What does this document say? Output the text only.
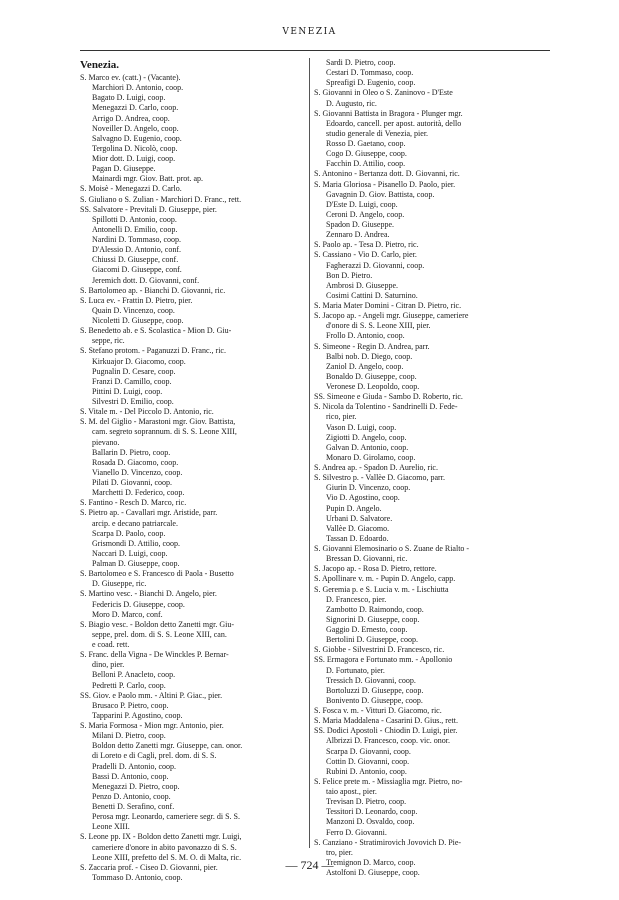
VENEZIA
Venezia.
S. Marco ev. (catt.) - (Vacante).
Marchiori D. Antonio, coop.
Bagato D. Luigi, coop.
Menegazzi D. Carlo, coop.
Arrigo D. Andrea, coop.
Noveiller D. Angelo, coop.
Salvagno D. Eugenio, coop.
Tergolina D. Nicolò, coop.
Mior dott. D. Luigi, coop.
Pagan D. Giuseppe.
Mainardi mgr. Giov. Batt. prot. ap.
S. Moisè - Menegazzi D. Carlo.
S. Giuliano o S. Zulian - Marchiori D. Franc., rett.
SS. Salvatore - Previtali D. Giuseppe, pier.
Spillotti D. Antonio, coop.
Antonelli D. Emilio, coop.
Nardini D. Tommaso, coop.
D'Alessio D. Antonio, conf.
Chiussi D. Giuseppe, conf.
Giacomi D. Giuseppe, conf.
Jeremich dott. D. Giovanni, conf.
S. Bartolomeo ap. - Bianchi D. Giovanni, ric.
S. Luca ev. - Frattin D. Pietro, pier.
Quain D. Vincenzo, coop.
Nicoletti D. Giuseppe, coop.
S. Benedetto ab. e S. Scolastica - Mion D. Giu-
seppe, ric.
S. Stefano protom. - Paganuzzi D. Franc., ric.
Kirkuajor D. Giacomo, coop.
Pugnalin D. Cesare, coop.
Franzi D. Camillo, coop.
Pittini D. Luigi, coop.
Silvestri D. Emilio, coop.
S. Vitale m. - Del Piccolo D. Antonio, ric.
S. M. del Giglio - Marastoni mgr. Giov. Battista,
cam. segreto soprannum. di S. S. Leone XIII,
pievano.
Ballarin D. Pietro, coop.
Rosada D. Giacomo, coop.
Vianello D. Vincenzo, coop.
Pilati D. Giovanni, coop.
Marchetti D. Federico, coop.
S. Fantino - Resch D. Marco, ric.
S. Pietro ap. - Cavallari mgr. Aristide, parr.
arcip. e decano patriarcale.
Scarpa D. Paolo, coop.
Grismondi D. Attilio, coop.
Naccari D. Luigi, coop.
Palman D. Giuseppe, coop.
S. Bartolomeo e S. Francesco di Paola - Busetto
D. Giuseppe, ric.
S. Martino vesc. - Bianchi D. Angelo, pier.
Federicis D. Giuseppe, coop.
Moro D. Marco, conf.
S. Biagio vesc. - Boldon detto Zanetti mgr. Giu-
seppe, prel. dom. di S. S. Leone XIII, can.
e coad. rett.
S. Franc. della Vigna - De Winckles P. Bernar-
dino, pier.
Belloni P. Anacleto, coop.
Pedretti P. Carlo, coop.
SS. Giov. e Paolo mm. - Altini P. Giac., pier.
Brusaco P. Pietro, coop.
Tapparini P. Agostino, coop.
S. Maria Formosa - Mion mgr. Antonio, pier.
Milani D. Pietro, coop.
Boldon detto Zanetti mgr. Giuseppe, can. onor.
di Loreto e di Cagli, prel. dom. di S. S.
Pradelli D. Antonio, coop.
Bassi D. Antonio, coop.
Menegazzi D. Pietro, coop.
Penzo D. Antonio, coop.
Benetti D. Serafino, conf.
Perosa mgr. Leonardo, cameriere segr. di S. S.
Leone XIII.
S. Leone pp. IX - Boldon detto Zanetti mgr. Luigi,
cameriere d'onore in abito pavonazzo di S. S.
Leone XIII, prefetto del S. M. O. di Malta, ric.
S. Zaccaria prof. - Ciseo D. Giovanni, pier.
Tommaso D. Antonio, coop.
Sardi D. Pietro, coop.
Cestari D. Tommaso, coop.
Spreafigi D. Eugenio, coop.
S. Giovanni in Oleo o S. Zaninovo - D'Este
D. Augusto, ric.
S. Giovanni Battista in Bragora - Plunger mgr.
Edoardo, cancell. per apost. autorità, dello
studio generale di Venezia, pier.
Rosso D. Gaetano, coop.
Cogo D. Giuseppe, coop.
Facchin D. Attilio, coop.
S. Antonino - Bertanza dott. D. Giovanni, ric.
S. Maria Gloriosa - Pisanello D. Paolo, pier.
Gavagnin D. Giov. Battista, coop.
D'Este D. Luigi, coop.
Ceroni D. Angelo, coop.
Spadon D. Giuseppe.
Zennaro D. Andrea.
S. Paolo ap. - Tesa D. Pietro, ric.
S. Cassiano - Vio D. Carlo, pier.
Fagherazzi D. Giovanni, coop.
Bon D. Pietro.
Ambrosi D. Giuseppe.
Cosimi Cattini D. Saturnino.
S. Maria Mater Domini - Citran D. Pietro, ric.
S. Jacopo ap. - Angeli mgr. Giuseppe, cameriere
d'onore di S. S. Leone XIII, pier.
Frollo D. Antonio, coop.
S. Simeone - Regin D. Andrea, parr.
Balbi nob. D. Diego, coop.
Zaniol D. Angelo, coop.
Bonaldo D. Giuseppe, coop.
Veronese D. Leopoldo, coop.
SS. Simeone e Giuda - Sambo D. Roberto, ric.
S. Nicola da Tolentino - Sandrinelli D. Fede-
rico, pier.
Vason D. Luigi, coop.
Zigiotti D. Angelo, coop.
Galvan D. Antonio, coop.
Monaro D. Girolamo, coop.
S. Andrea ap. - Spadon D. Aurelio, ric.
S. Silvestro p. - Vallèe D. Giacomo, parr.
Giurin D. Vincenzo, coop.
Vio D. Agostino, coop.
Pupin D. Angelo.
Urbani D. Salvatore.
Vallèe D. Giacomo.
Tassan D. Edoardo.
S. Giovanni Elemosinario o S. Zuane de Rialto -
Bressan D. Giovanni, ric.
S. Jacopo ap. - Rosa D. Pietro, rettore.
S. Apollinare v. m. - Pupin D. Angelo, capp.
S. Geremia p. e S. Lucia v. m. - Lischiutta
D. Francesco, pier.
Zambotto D. Raimondo, coop.
Signorini D. Giuseppe, coop.
Gaggio D. Ernesto, coop.
Bertolini D. Giuseppe, coop.
S. Giobbe - Silvestrini D. Francesco, ric.
SS. Ermagora e Fortunato mm. - Apollonio
D. Fortunato, pier.
Tressich D. Giovanni, coop.
Bortoluzzi D. Giuseppe, coop.
Bonivento D. Giuseppe, coop.
S. Fosca v. m. - Vitturi D. Giacomo, ric.
S. Maria Maddalena - Casarini D. Gius., rett.
SS. Dodici Apostoli - Chiodin D. Luigi, pier.
Albrizzi D. Francesco, coop. vic. onor.
Scarpa D. Giovanni, coop.
Cottin D. Giovanni, coop.
Rubini D. Antonio, coop.
S. Felice prete m. - Missiaglia mgr. Pietro, no-
taio apost., pier.
Trevisan D. Pietro, coop.
Tessitori D. Leonardo, coop.
Manzoni D. Osvaldo, coop.
Ferro D. Giovanni.
S. Canziano - Stratimirovich Jovovich D. Pie-
tro, pier.
Tremignon D. Marco, coop.
Astolfoni D. Giuseppe, coop.
— 724 —
